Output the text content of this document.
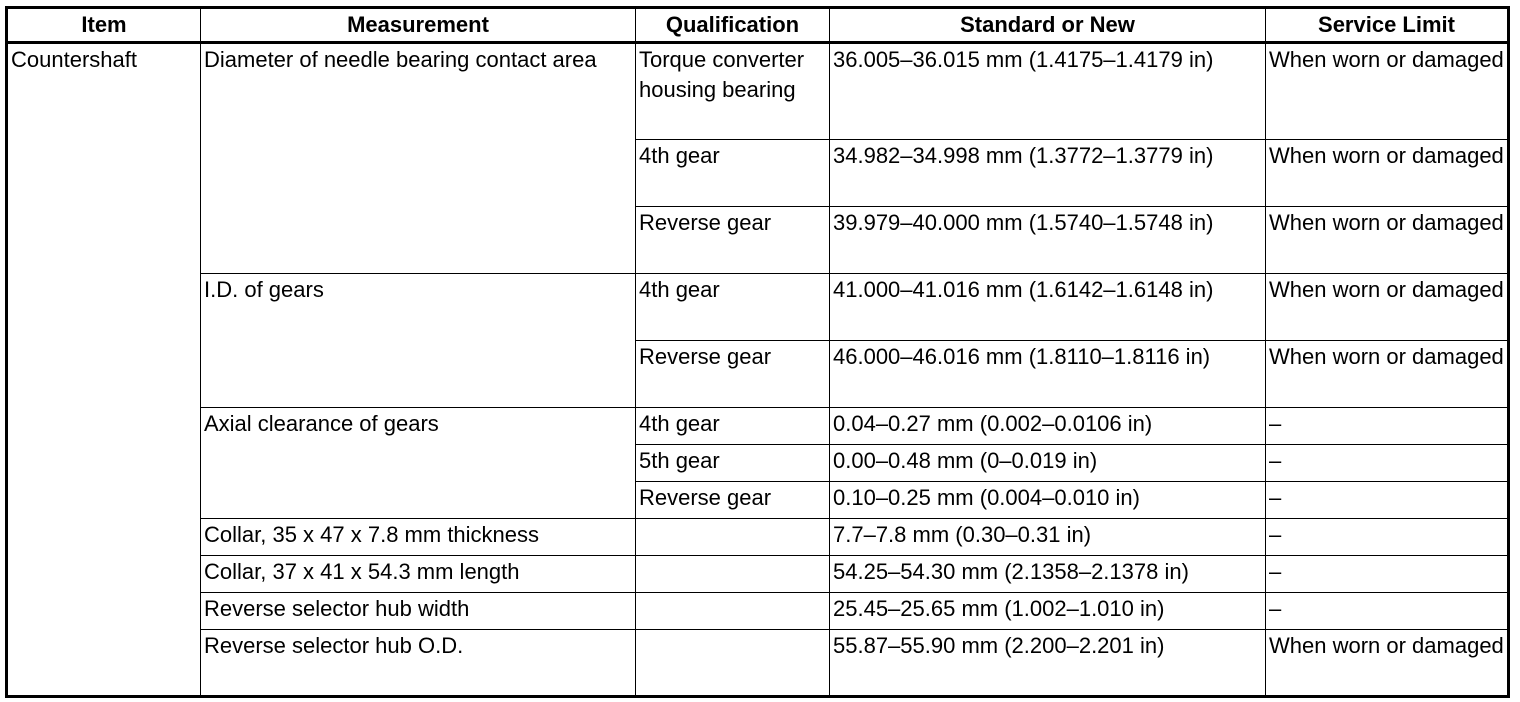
Item	Measurement	Qualification	Standard or New	Service Limit
Countershaft	Diameter of needle bearing contact area	Torque converter housing bearing	36.005–36.015 mm (1.4175–1.4179 in)	When worn or damaged
		4th gear	34.982–34.998 mm (1.3772–1.3779 in)	When worn or damaged
		Reverse gear	39.979–40.000 mm (1.5740–1.5748 in)	When worn or damaged
	I.D. of gears	4th gear	41.000–41.016 mm (1.6142–1.6148 in)	When worn or damaged
		Reverse gear	46.000–46.016 mm (1.8110–1.8116 in)	When worn or damaged
	Axial clearance of gears	4th gear	0.04–0.27 mm (0.002–0.0106 in)	–
		5th gear	0.00–0.48 mm (0–0.019 in)	–
		Reverse gear	0.10–0.25 mm (0.004–0.010 in)	–
	Collar, 35 x 47 x 7.8 mm thickness		7.7–7.8 mm (0.30–0.31 in)	–
	Collar, 37 x 41 x 54.3 mm length		54.25–54.30 mm (2.1358–2.1378 in)	–
	Reverse selector hub width		25.45–25.65 mm (1.002–1.010 in)	–
	Reverse selector hub O.D.		55.87–55.90 mm (2.200–2.201 in)	When worn or damaged
